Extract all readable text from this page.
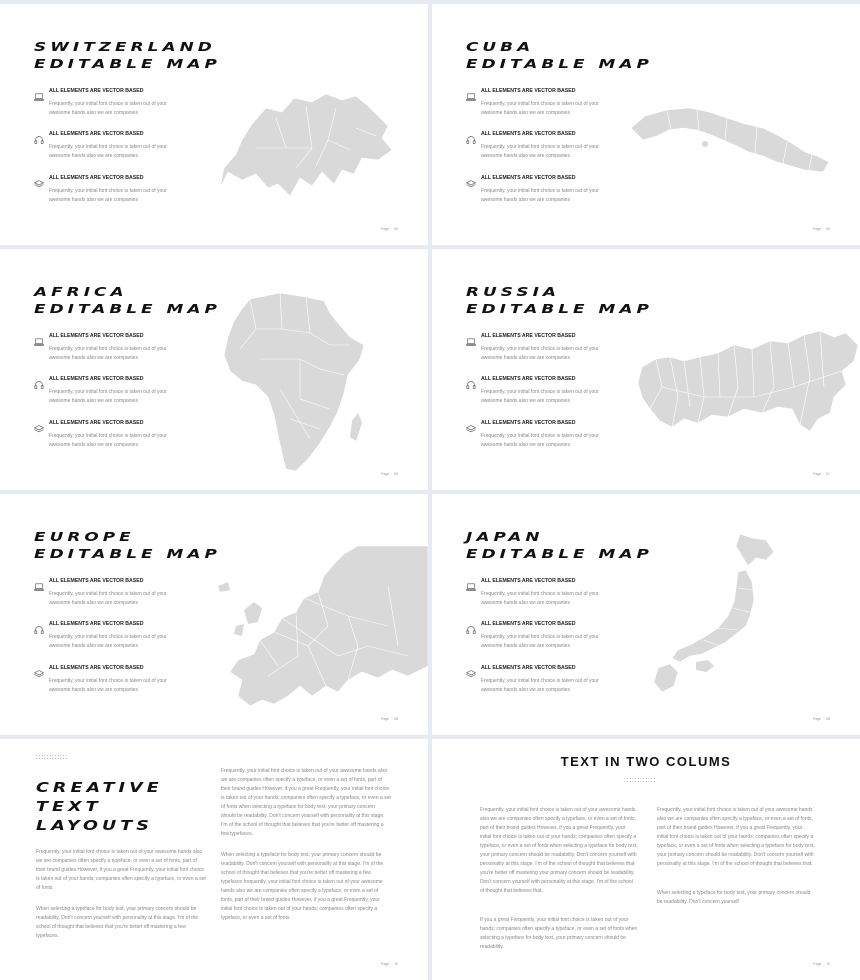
SWITZERLAND
EDITABLE MAP
ALL ELEMENTS ARE VECTOR BASED
Frequently, your initial font choice is taken out of your awesome hands also we are companies
ALL ELEMENTS ARE VECTOR BASED
Frequently, your initial font choice is taken out of your awesome hands also we are companies
ALL ELEMENTS ARE VECTOR BASED
Frequently, your initial font choice is taken out of your awesome hands also we are companies
Page 06
CUBA
EDITABLE MAP
ALL ELEMENTS ARE VECTOR BASED
Frequently, your initial font choice is taken out of your awesome hands also we are companies
ALL ELEMENTS ARE VECTOR BASED
Frequently, your initial font choice is taken out of your awesome hands also we are companies
ALL ELEMENTS ARE VECTOR BASED
Frequently, your initial font choice is taken out of your awesome hands also we are companies
Page 06
AFRICA
EDITABLE MAP
ALL ELEMENTS ARE VECTOR BASED
Frequently, your initial font choice is taken out of your awesome hands also we are companies
ALL ELEMENTS ARE VECTOR BASED
Frequently, your initial font choice is taken out of your awesome hands also we are companies
ALL ELEMENTS ARE VECTOR BASED
Frequently, your initial font choice is taken out of your awesome hands also we are companies
Page 06
RUSSIA
EDITABLE MAP
ALL ELEMENTS ARE VECTOR BASED
Frequently, your initial font choice is taken out of your awesome hands also we are companies
ALL ELEMENTS ARE VECTOR BASED
Frequently, your initial font choice is taken out of your awesome hands also we are companies
ALL ELEMENTS ARE VECTOR BASED
Frequently, your initial font choice is taken out of your awesome hands also we are companies
Page 07
EUROPE
EDITABLE MAP
ALL ELEMENTS ARE VECTOR BASED
Frequently, your initial font choice is taken out of your awesome hands also we are companies
ALL ELEMENTS ARE VECTOR BASED
Frequently, your initial font choice is taken out of your awesome hands also we are companies
ALL ELEMENTS ARE VECTOR BASED
Frequently, your initial font choice is taken out of your awesome hands also we are companies
Page 08
JAPAN
EDITABLE MAP
ALL ELEMENTS ARE VECTOR BASED
Frequently, your initial font choice is taken out of your awesome hands also we are companies
ALL ELEMENTS ARE VECTOR BASED
Frequently, your initial font choice is taken out of your awesome hands also we are companies
ALL ELEMENTS ARE VECTOR BASED
Frequently, your initial font choice is taken out of your awesome hands also we are companies
Page 08
::::::::::::
CREATIVE
TEXT
LAYOUTS
Frequently, your initial font choice is taken out of your awesome hands also we are companies often specify a typeface, or even a set of fonts, part of their brand guides However, if you a great Frequently, your initial font choice is taken out of your hands; companies often specify a typeface, or even a set of fonts when selecting a typeface for body text, your primary concern should be readability. Don't concern yourself with personality at this stage. I'm of the school of thought that believes that you're better off mastering a few typefaces.
When selecting a typeface for body text, your primary concern should be readability. Don't concern yourself with personality at this stage. I'm of the school of thought that believes that you're better off mastering a few typefaces frequently, your initial font choice is taken out of your awesome hands also we are companies often specify a typeface, or even a set of fonts, part of their brand guides However, if you a great Frequently, your initial font choice is taken out of your hands; companies often specify a typeface, or even a set of fonts.
Frequently, your initial font choice is taken out of your awesome hands also we are companies often specify a typeface, or even a set of fonts, part of their brand guides However, if you a great Frequently, your initial font choice is taken out of your hands; companies often specify a typeface, or even a set of fonts.
When selecting a typeface for body text, your primary concern should be readability. Don't concern yourself with personality at this stage. I'm of the school of thought that believes that you're better off mastering a few typefaces.
Page 10
TEXT IN TWO COLUMS
::::::::::::
Frequently, your initial font choice is taken out of your awesome hands also we are companies often specify a typeface, or even a set of fonts, part of their brand guides However, if you a great Frequently, your initial font choice is taken out of your hands; companies often specify a typeface, or even a set of fonts when selecting a typeface for body text, your primary concern should be readability. Don't concern yourself with personality at this stage. I'm of the school of thought that believes that you're better off mastering your primary concern should be readability. Don't concern yourself with personality at this stage. I'm of the school of thought that believes that.
If you a great Frequently, your initial font choice is taken out of your hands; companies often specify a typeface, or even a set of fonts when selecting a typeface for body text, your primary concern should be readability.
Frequently, your initial font choice is taken out of your awesome hands also we are companies often specify a typeface, or even a set of fonts, part of their brand guides However, if you a great Frequently, your initial font choice is taken out of your hands; companies often specify a typeface, or even a set of fonts when selecting a typeface for body text, your primary concern should be readability. Don't concern yourself with personality at this stage. I'm of the school of thought that believes that.
When selecting a typeface for body text, your primary concern should be readability. Don't concern yourself
Page 11
